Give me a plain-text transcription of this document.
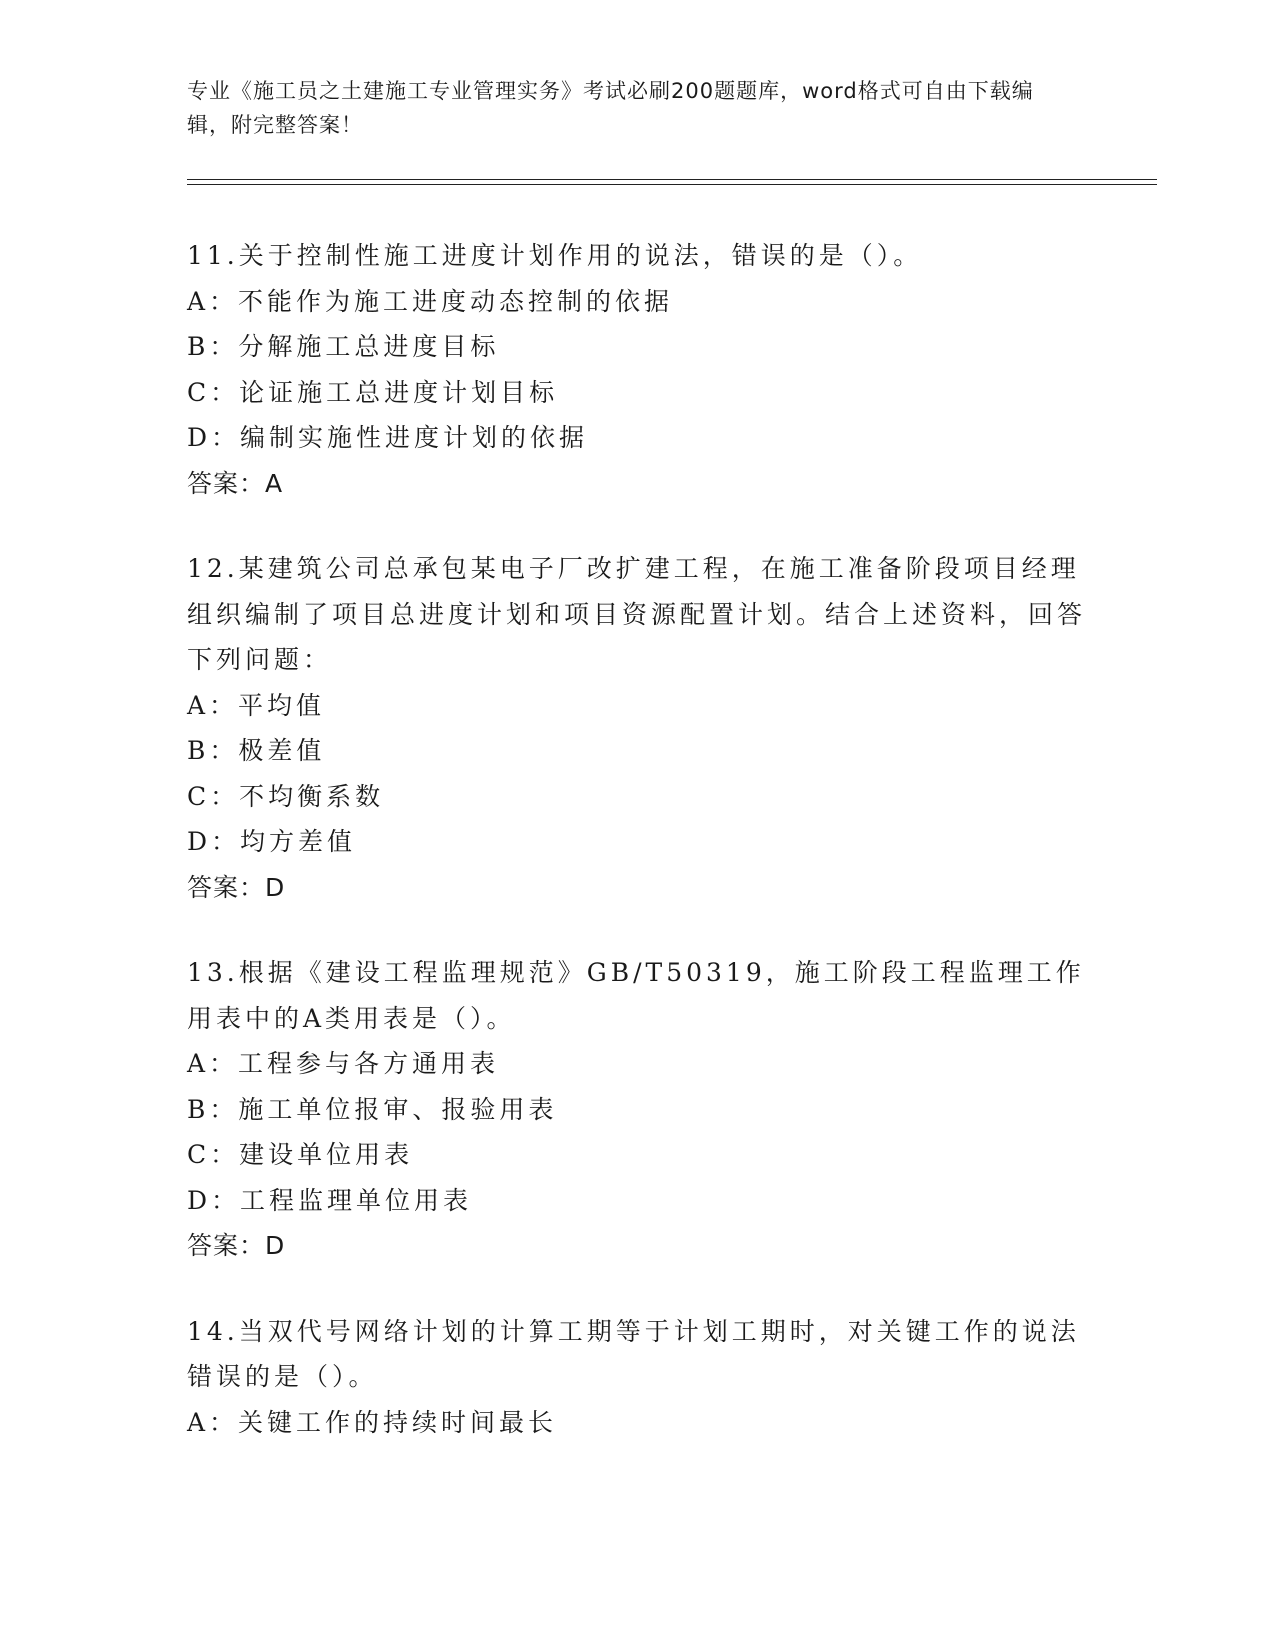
专业《施工员之土建施工专业管理实务》考试必刷200题题库，word格式可自由下载编辑，附完整答案！
11.关于控制性施工进度计划作用的说法，错误的是（）。
A：不能作为施工进度动态控制的依据
B：分解施工总进度目标
C：论证施工总进度计划目标
D：编制实施性进度计划的依据
答案：A
12.某建筑公司总承包某电子厂改扩建工程，在施工准备阶段项目经理组织编制了项目总进度计划和项目资源配置计划。结合上述资料，回答下列问题：
A：平均值
B：极差值
C：不均衡系数
D：均方差值
答案：D
13.根据《建设工程监理规范》GB/T50319，施工阶段工程监理工作用表中的A类用表是（）。
A：工程参与各方通用表
B：施工单位报审、报验用表
C：建设单位用表
D：工程监理单位用表
答案：D
14.当双代号网络计划的计算工期等于计划工期时，对关键工作的说法错误的是（）。
A：关键工作的持续时间最长
